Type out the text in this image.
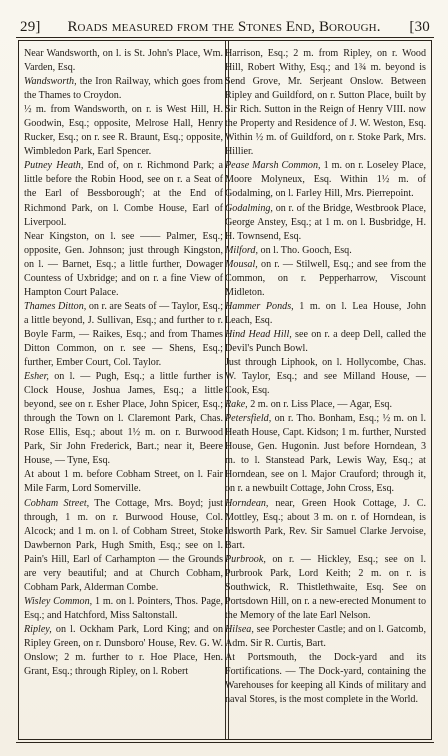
29]	Roads measured from the Stones End, Borough.	[30
Near Wandsworth, on l. is St. John's Place, Wm. Varden, Esq.
Wandsworth, the Iron Railway, which goes from the Thames to Croydon.
½ m. from Wandsworth, on r. is West Hill, H. Goodwin, Esq.; opposite, Melrose Hall, Henry Rucker, Esq.; on r. see R. Braunt, Esq.; opposite, Wimbledon Park, Earl Spencer.
Putney Heath, End of, on r. Richmond Park; a little before the Robin Hood, see on r. a Seat of the Earl of Bessborough'; at the End of Richmond Park, on l. Combe House, Earl of Liverpool.
Near Kingston, on l. see —— Palmer, Esq.; opposite, Gen. Johnson; just through Kingston, on l. — Barnet, Esq.; a little further, Dowager Countess of Uxbridge; and on r. a fine View of Hampton Court Palace.
Thames Ditton, on r. are Seats of — Taylor, Esq.; a little beyond, J. Sullivan, Esq.; and further to r. Boyle Farm, — Raikes, Esq.; and from Thames Ditton Common, on r. see — Shens, Esq.; further, Ember Court, Col. Taylor.
Esher, on l. — Pugh, Esq.; a little further is Clock House, Joshua James, Esq.; a little beyond, see on r. Esher Place, John Spicer, Esq.; through the Town on l. Claremont Park, Chas. Rose Ellis, Esq.; about 1½ m. on r. Burwood Park, Sir John Frederick, Bart.; near it, Beere House, — Tyne, Esq.
At about 1 m. before Cobham Street, on l. Fair Mile Farm, Lord Somerville.
Cobham Street, The Cottage, Mrs. Boyd; just through, 1 m. on r. Burwood House, Col. Alcock; and 1 m. on l. of Cobham Street, Stoke Dawbernon Park, Hugh Smith, Esq.; see on l. Pain's Hill, Earl of Carhampton — the Grounds are very beautiful; and at Church Cobham, Cobham Park, Alderman Combe.
Wisley Common, 1 m. on l. Pointers, Thos. Page, Esq.; and Hatchford, Miss Saltonstall.
Ripley, on l. Ockham Park, Lord King; and on Ripley Green, on r. Dunsboro' House, Rev. G. W. Onslow; 2 m. further to r. Hoe Place, Hen. Grant, Esq.; through Ripley, on l. Robert
Harrison, Esq.; 2 m. from Ripley, on r. Wood Hill, Robert Withy, Esq.; and 1¾ m. beyond is Send Grove, Mr. Serjeant Onslow. Between Ripley and Guildford, on r. Sutton Place, built by Sir Rich. Sutton in the Reign of Henry VIII. now the Property and Residence of J. W. Weston, Esq. Within ½ m. of Guildford, on r. Stoke Park, Mrs. Hillier.
Pease Marsh Common, 1 m. on r. Loseley Place, Moore Molyneux, Esq. Within 1½ m. of Godalming, on l. Farley Hill, Mrs. Pierrepoint.
Godalming, on r. of the Bridge, Westbrook Place, George Anstey, Esq.; at 1 m. on l. Busbridge, H. H. Townsend, Esq.
Milford, on l. Tho. Gooch, Esq.
Mousal, on r. — Stilwell, Esq.; and see from the Common, on r. Pepperharrow, Viscount Midleton.
Hammer Ponds, 1 m. on l. Lea House, John Leach, Esq.
Hind Head Hill, see on r. a deep Dell, called the Devil's Punch Bowl.
Just through Liphook, on l. Hollycombe, Chas. W. Taylor, Esq.; and see Milland House, — Cook, Esq.
Rake, 2 m. on r. Liss Place, — Agar, Esq.
Petersfield, on r. Tho. Bonham, Esq.; ½ m. on l. Heath House, Capt. Kidson; 1 m. further, Nursted House, Gen. Hugonin. Just before Horndean, 3 m. to l. Stanstead Park, Lewis Way, Esq.; at Horndean, see on l. Major Crauford; through it, on r. a newbuilt Cottage, John Cross, Esq.
Horndean, near, Green Hook Cottage, J. C. Mottley, Esq.; about 3 m. on r. of Horndean, is Idsworth Park, Rev. Sir Samuel Clarke Jervoise, Bart.
Purbrook, on r. — Hickley, Esq.; see on l. Purbrook Park, Lord Keith; 2 m. on r. is Southwick, R. Thistlethwaite, Esq. See on Portsdown Hill, on r. a new-erected Monument to the Memory of the late Earl Nelson.
Hilsea, see Porchester Castle; and on l. Gatcomb, Adm. Sir R. Curtis, Bart.
At Portsmouth, the Dock-yard and its Fortifications. — The Dock-yard, containing the Warehouses for keeping all Kinds of military and naval Stores, is the most complete in the World.
